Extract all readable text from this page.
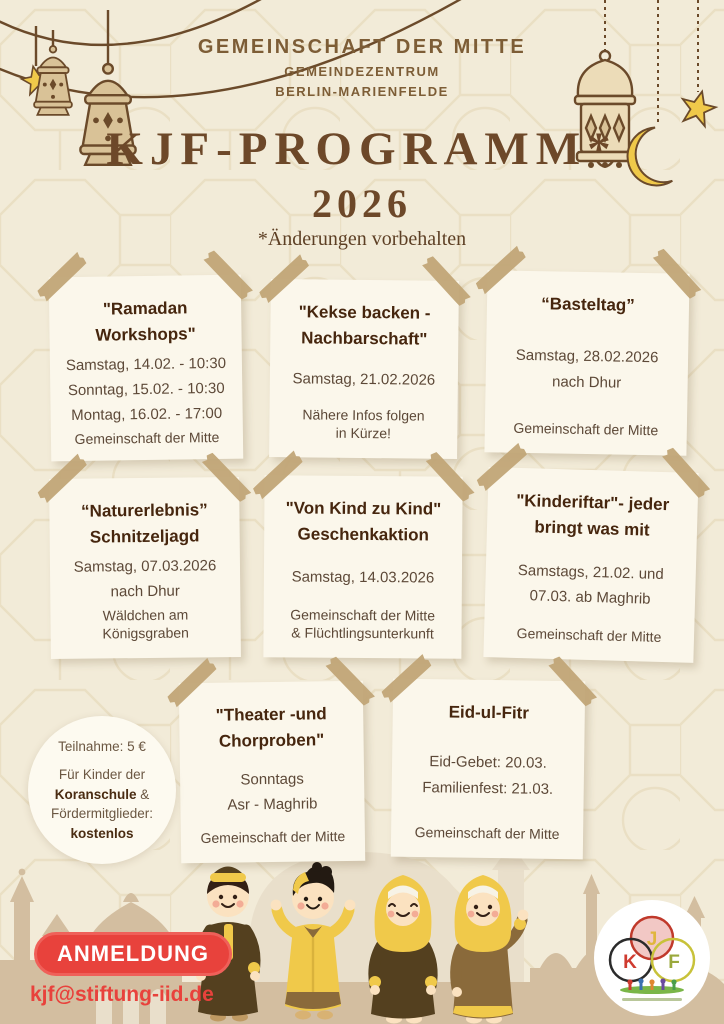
GEMEINSCHAFT DER MITTE
GEMEINDEZENTRUM
BERLIN-MARIENFELDE
KJF-PROGRAMM*
2026
*Änderungen vorbehalten
"Ramadan Workshops"
Samstag, 14.02. - 10:30
Sonntag, 15.02. - 10:30
Montag, 16.02. - 17:00
Gemeinschaft der Mitte
"Kekse backen - Nachbarschaft"
Samstag, 21.02.2026
Nähere Infos folgen
in Kürze!
“Basteltag”
Samstag, 28.02.2026
nach Dhur
Gemeinschaft der Mitte
“Naturerlebnis” Schnitzeljagd
Samstag, 07.03.2026
nach Dhur
Wäldchen am
Königsgraben
"Von Kind zu Kind" Geschenkaktion
Samstag, 14.03.2026
Gemeinschaft der Mitte
& Flüchtlingsunterkunft
"Kinderiftar"- jeder bringt was mit
Samstags, 21.02. und
07.03. ab Maghrib
Gemeinschaft der Mitte
"Theater -und Chorproben"
Sonntags
Asr - Maghrib
Gemeinschaft der Mitte
Eid-ul-Fitr
Eid-Gebet: 20.03.
Familienfest: 21.03.
Gemeinschaft der Mitte
Teilnahme: 5 €
Für Kinder der
Koranschule &
Fördermitglieder:
kostenlos
ANMELDUNG
kjf@stiftung-iid.de
J
K F
